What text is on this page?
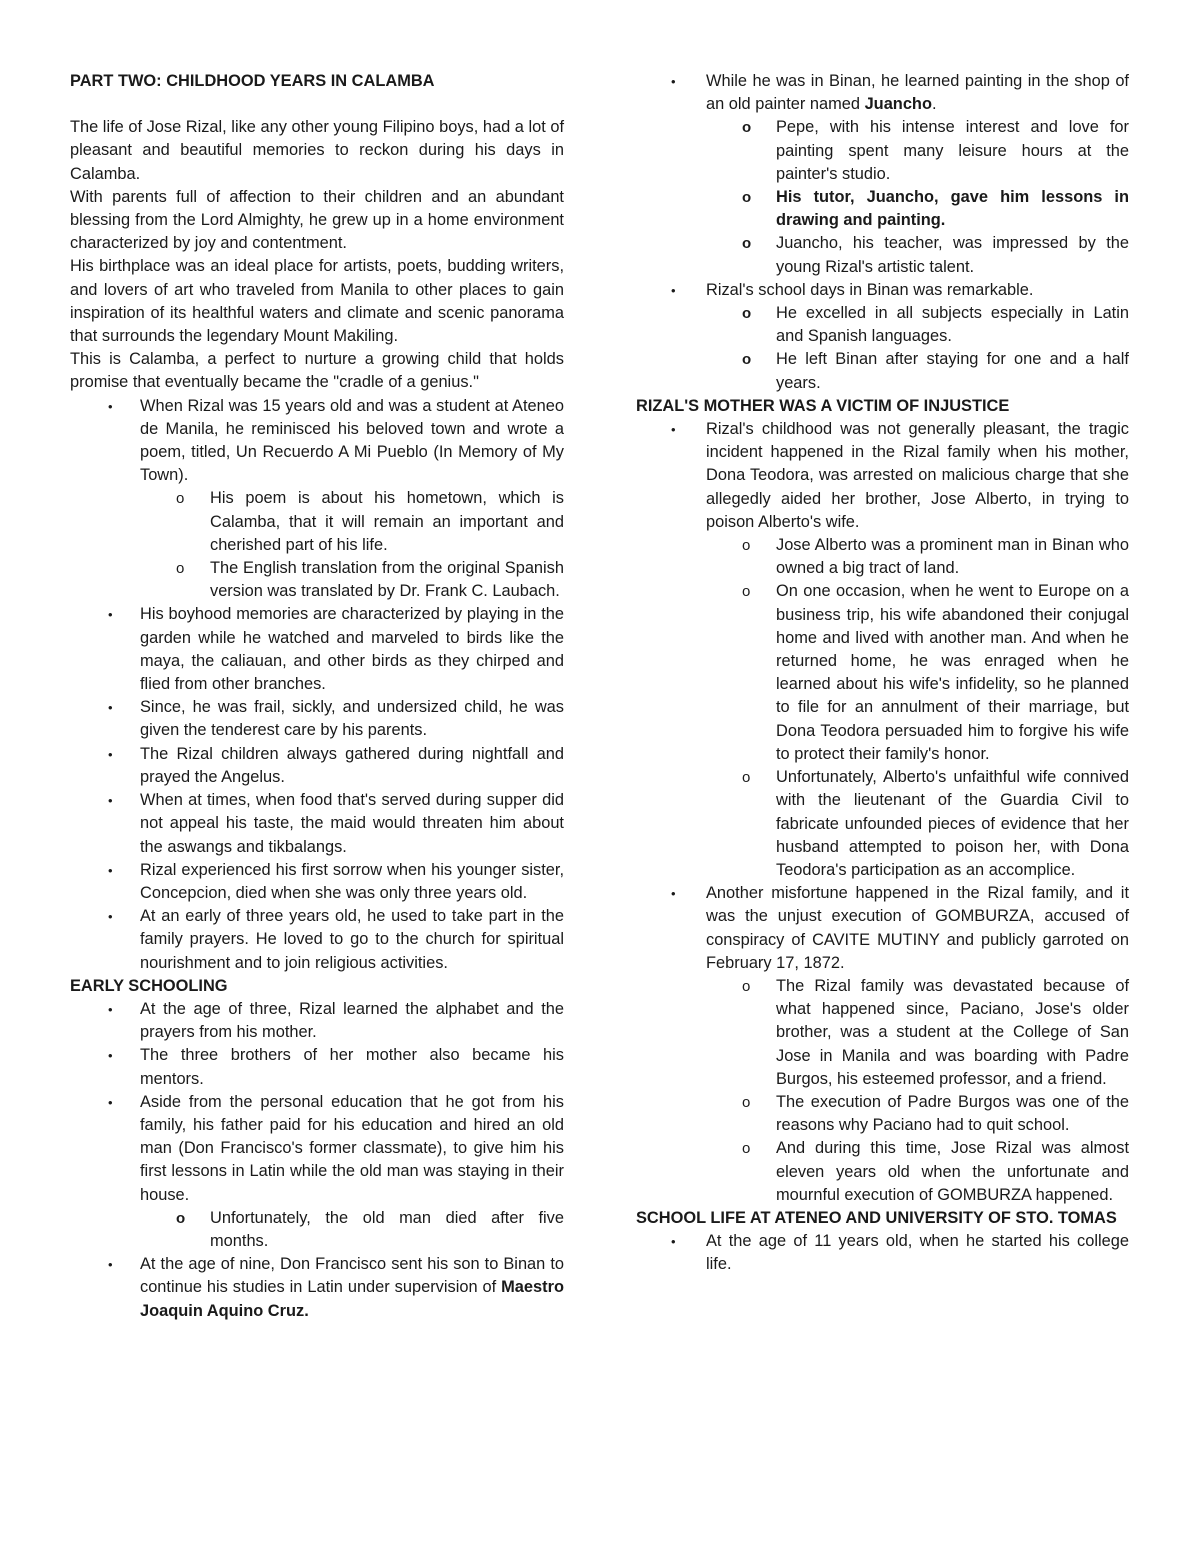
PART TWO: CHILDHOOD YEARS IN CALAMBA

The life of Jose Rizal, like any other young Filipino boys, had a lot of pleasant and beautiful memories to reckon during his days in Calamba.

With parents full of affection to their children and an abundant blessing from the Lord Almighty, he grew up in a home environment characterized by joy and contentment.

His birthplace was an ideal place for artists, poets, budding writers, and lovers of art who traveled from Manila to other places to gain inspiration of its healthful waters and climate and scenic panorama that surrounds the legendary Mount Makiling.

This is Calamba, a perfect to nurture a growing child that holds promise that eventually became the "cradle of a genius."

• When Rizal was 15 years old and was a student at Ateneo de Manila, he reminisced his beloved town and wrote a poem, titled, Un Recuerdo A Mi Pueblo (In Memory of My Town).
o His poem is about his hometown, which is Calamba, that it will remain an important and cherished part of his life.
o The English translation from the original Spanish version was translated by Dr. Frank C. Laubach.
• His boyhood memories are characterized by playing in the garden while he watched and marveled to birds like the maya, the caliauan, and other birds as they chirped and flied from other branches.
• Since, he was frail, sickly, and undersized child, he was given the tenderest care by his parents.
• The Rizal children always gathered during nightfall and prayed the Angelus.
• When at times, when food that's served during supper did not appeal his taste, the maid would threaten him about the aswangs and tikbalangs.
• Rizal experienced his first sorrow when his younger sister, Concepcion, died when she was only three years old.
• At an early of three years old, he used to take part in the family prayers. He loved to go to the church for spiritual nourishment and to join religious activities.
EARLY SCHOOLING
• At the age of three, Rizal learned the alphabet and the prayers from his mother.
• The three brothers of her mother also became his mentors.
• Aside from the personal education that he got from his family, his father paid for his education and hired an old man (Don Francisco's former classmate), to give him his first lessons in Latin while the old man was staying in their house.
o Unfortunately, the old man died after five months.
• At the age of nine, Don Francisco sent his son to Binan to continue his studies in Latin under supervision of Maestro Joaquin Aquino Cruz.
• While he was in Binan, he learned painting in the shop of an old painter named Juancho.
o Pepe, with his intense interest and love for painting spent many leisure hours at the painter's studio.
o His tutor, Juancho, gave him lessons in drawing and painting.
o Juancho, his teacher, was impressed by the young Rizal's artistic talent.
• Rizal's school days in Binan was remarkable.
o He excelled in all subjects especially in Latin and Spanish languages.
o He left Binan after staying for one and a half years.
RIZAL'S MOTHER WAS A VICTIM OF INJUSTICE
• Rizal's childhood was not generally pleasant, the tragic incident happened in the Rizal family when his mother, Dona Teodora, was arrested on malicious charge that she allegedly aided her brother, Jose Alberto, in trying to poison Alberto's wife.
o Jose Alberto was a prominent man in Binan who owned a big tract of land.
o On one occasion, when he went to Europe on a business trip, his wife abandoned their conjugal home and lived with another man. And when he returned home, he was enraged when he learned about his wife's infidelity, so he planned to file for an annulment of their marriage, but Dona Teodora persuaded him to forgive his wife to protect their family's honor.
o Unfortunately, Alberto's unfaithful wife connived with the lieutenant of the Guardia Civil to fabricate unfounded pieces of evidence that her husband attempted to poison her, with Dona Teodora's participation as an accomplice.
• Another misfortune happened in the Rizal family, and it was the unjust execution of GOMBURZA, accused of conspiracy of CAVITE MUTINY and publicly garroted on February 17, 1872.
o The Rizal family was devastated because of what happened since, Paciano, Jose's older brother, was a student at the College of San Jose in Manila and was boarding with Padre Burgos, his esteemed professor, and a friend.
o The execution of Padre Burgos was one of the reasons why Paciano had to quit school.
o And during this time, Jose Rizal was almost eleven years old when the unfortunate and mournful execution of GOMBURZA happened.
SCHOOL LIFE AT ATENEO AND UNIVERSITY OF STO. TOMAS
• At the age of 11 years old, when he started his college life.
